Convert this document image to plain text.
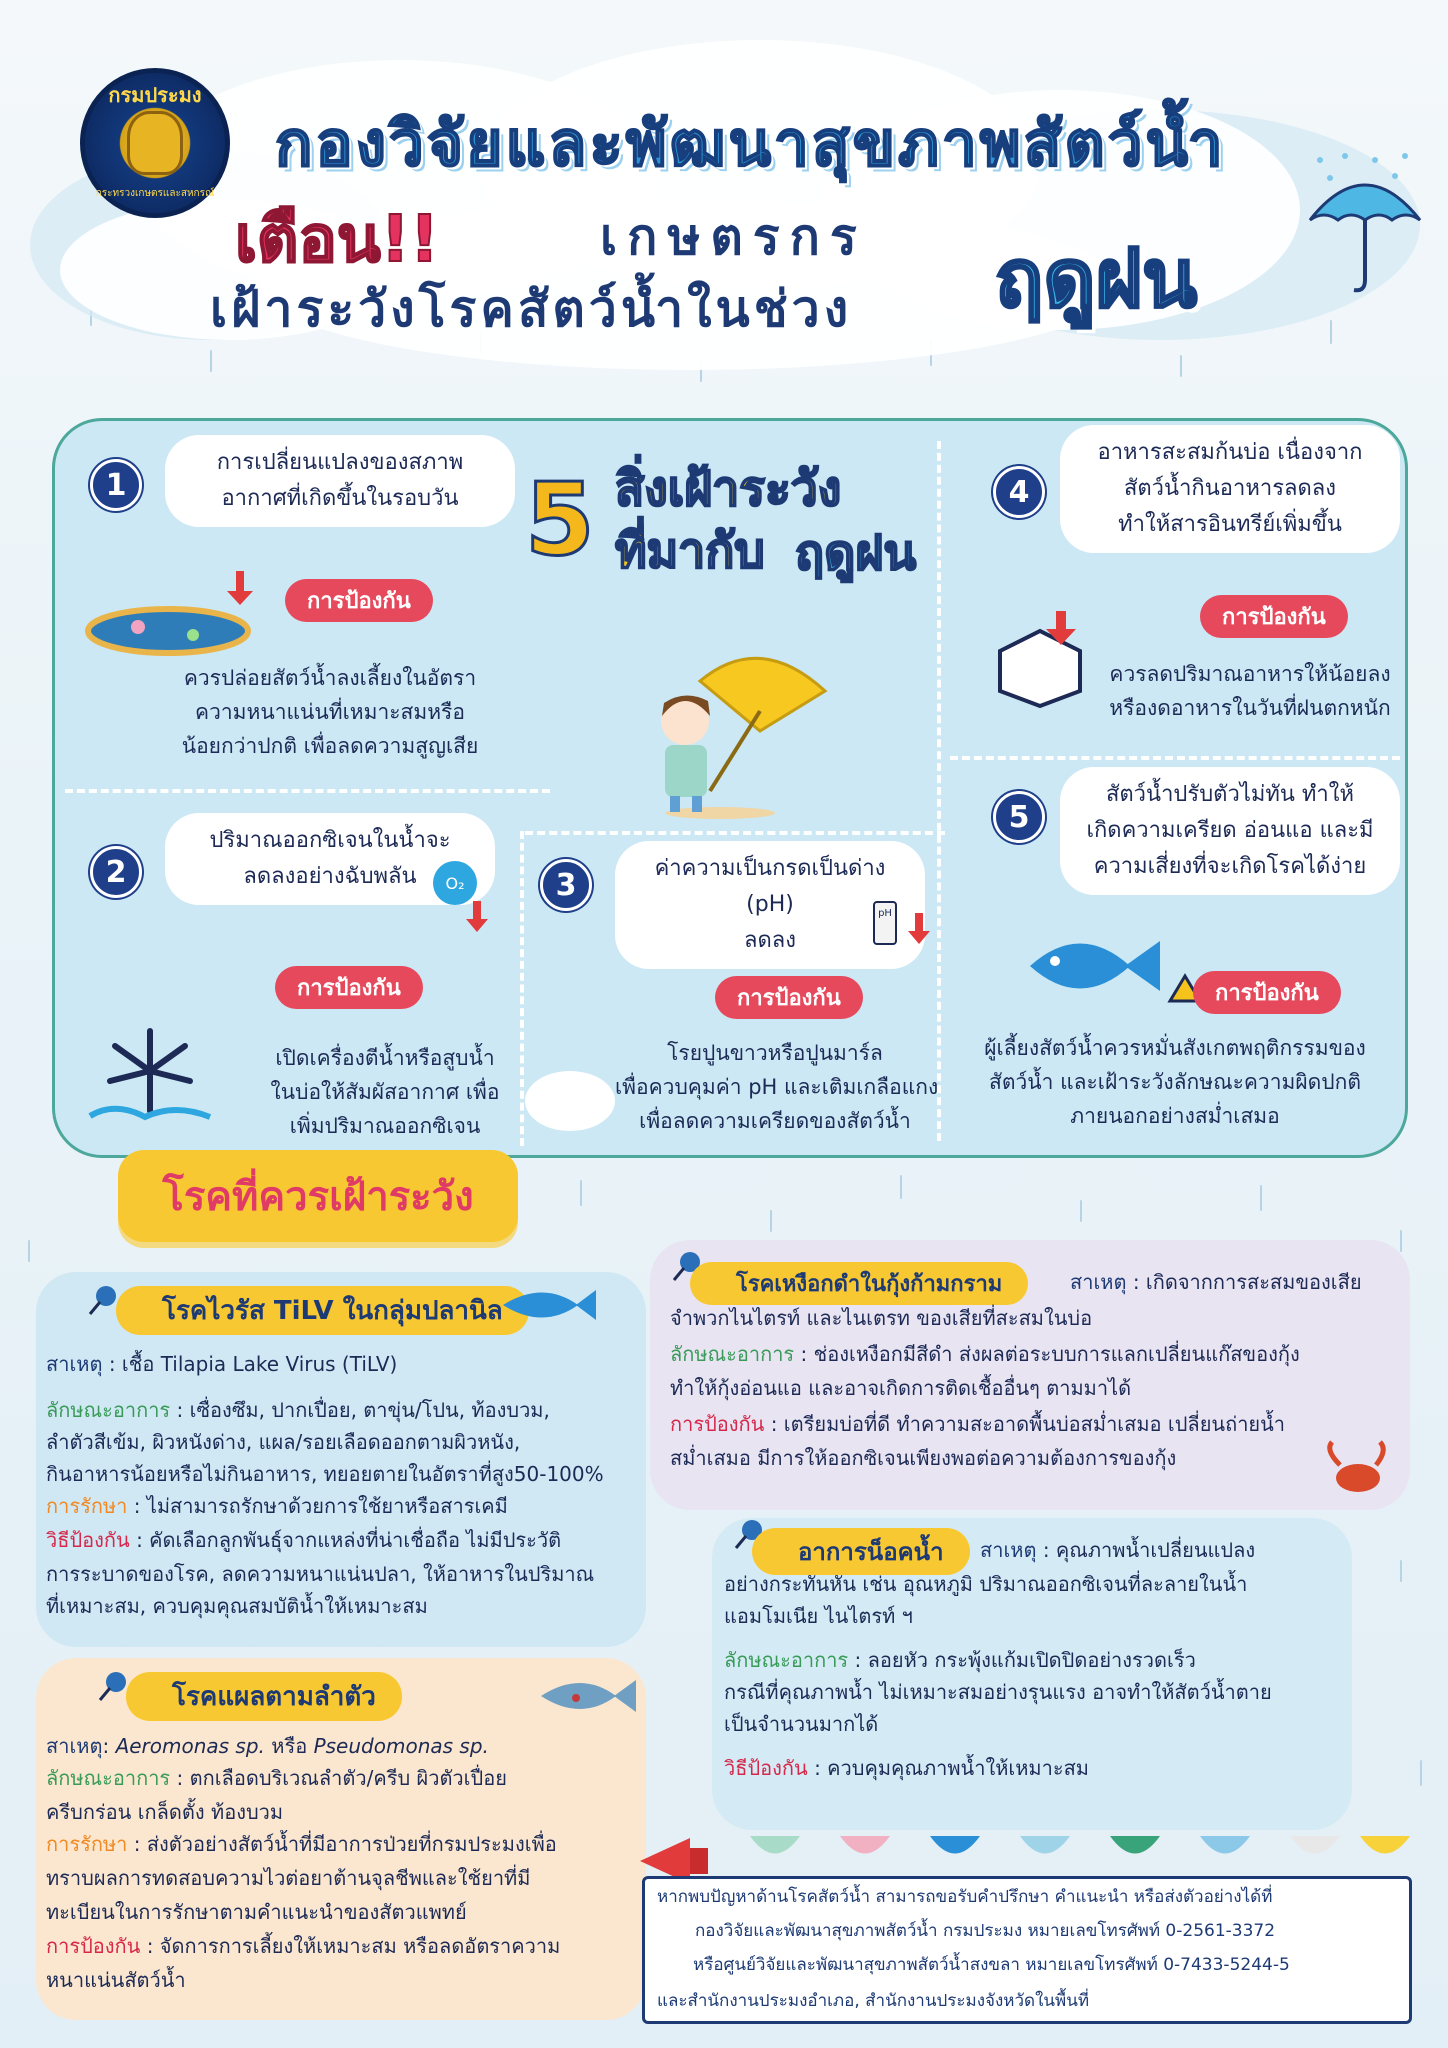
กรมประมง
กระทรวงเกษตรและสหกรณ์
กองวิจัยและพัฒนาสุขภาพสัตว์น้ำ
เตือน!!	เกษตรกร
เฝ้าระวังโรคสัตว์น้ำในช่วง ฤดูฝน
1
การเปลี่ยนแปลงของสภาพ
อากาศที่เกิดขึ้นในรอบวัน
การป้องกัน
ควรปล่อยสัตว์น้ำลงเลี้ยงในอัตรา
ความหนาแน่นที่เหมาะสมหรือ
น้อยกว่าปกติ เพื่อลดความสูญเสีย
2
ปริมาณออกซิเจนในน้ำจะ
ลดลงอย่างฉับพลัน	O₂
การป้องกัน
เปิดเครื่องตีน้ำหรือสูบน้ำ
ในบ่อให้สัมผัสอากาศ เพื่อ
เพิ่มปริมาณออกซิเจน
5 สิ่งเฝ้าระวัง
ที่มากับ ฤดูฝน
3	ค่าความเป็นกรดเป็นด่าง (pH)
ลดลง
pH
การป้องกัน
โรยปูนขาวหรือปูนมาร์ล
เพื่อควบคุมค่า pH และเติมเกลือแกง
เพื่อลดความเครียดของสัตว์น้ำ
4
อาหารสะสมก้นบ่อ เนื่องจาก
สัตว์น้ำกินอาหารลดลง
ทำให้สารอินทรีย์เพิ่มขึ้น
การป้องกัน
ควรลดปริมาณอาหารให้น้อยลง
หรืองดอาหารในวันที่ฝนตกหนัก
5
สัตว์น้ำปรับตัวไม่ทัน ทำให้
เกิดความเครียด อ่อนแอ และมี
ความเสี่ยงที่จะเกิดโรคได้ง่าย
การป้องกัน
ผู้เลี้ยงสัตว์น้ำควรหมั่นสังเกตพฤติกรรมของ
สัตว์น้ำ และเฝ้าระวังลักษณะความผิดปกติ
ภายนอกอย่างสม่ำเสมอ
โรคที่ควรเฝ้าระวัง
โรคไวรัส TiLV ในกลุ่มปลานิล
สาเหตุ : เชื้อ Tilapia Lake Virus (TiLV)
ลักษณะอาการ : เซื่องซึม, ปากเปื่อย, ตาขุ่น/โปน, ท้องบวม,
ลำตัวสีเข้ม, ผิวหนังด่าง, แผล/รอยเลือดออกตามผิวหนัง,
กินอาหารน้อยหรือไม่กินอาหาร, ทยอยตายในอัตราที่สูง50-100%
การรักษา : ไม่สามารถรักษาด้วยการใช้ยาหรือสารเคมี
วิธีป้องกัน : คัดเลือกลูกพันธุ์จากแหล่งที่น่าเชื่อถือ ไม่มีประวัติ
การระบาดของโรค, ลดความหนาแน่นปลา, ให้อาหารในปริมาณ
ที่เหมาะสม, ควบคุมคุณสมบัติน้ำให้เหมาะสม
โรคแผลตามลำตัว
สาเหตุ: Aeromonas sp. หรือ Pseudomonas sp.
ลักษณะอาการ : ตกเลือดบริเวณลำตัว/ครีบ ผิวตัวเปื่อย
ครีบกร่อน เกล็ดตั้ง ท้องบวม
การรักษา : ส่งตัวอย่างสัตว์น้ำที่มีอาการป่วยที่กรมประมงเพื่อ
ทราบผลการทดสอบความไวต่อยาต้านจุลชีพและใช้ยาที่มี
ทะเบียนในการรักษาตามคำแนะนำของสัตวแพทย์
การป้องกัน : จัดการการเลี้ยงให้เหมาะสม หรือลดอัตราความ
หนาแน่นสัตว์น้ำ
โรคเหงือกดำในกุ้งก้ามกราม	สาเหตุ : เกิดจากการสะสมของเสีย
จำพวกไนไตรท์ และไนเตรท ของเสียที่สะสมในบ่อ
ลักษณะอาการ : ช่องเหงือกมีสีดำ ส่งผลต่อระบบการแลกเปลี่ยนแก๊สของกุ้ง
ทำให้กุ้งอ่อนแอ และอาจเกิดการติดเชื้ออื่นๆ ตามมาได้
การป้องกัน : เตรียมบ่อที่ดี ทำความสะอาดพื้นบ่อสม่ำเสมอ เปลี่ยนถ่ายน้ำ
สม่ำเสมอ มีการให้ออกซิเจนเพียงพอต่อความต้องการของกุ้ง
อาการน็อคน้ำ	สาเหตุ : คุณภาพน้ำเปลี่ยนแปลง
อย่างกระทันหัน เช่น อุณหภูมิ ปริมาณออกซิเจนที่ละลายในน้ำ
แอมโมเนีย ไนไตรท์ ฯ
ลักษณะอาการ : ลอยหัว กระพุ้งแก้มเปิดปิดอย่างรวดเร็ว
กรณีที่คุณภาพน้ำ ไม่เหมาะสมอย่างรุนแรง อาจทำให้สัตว์น้ำตาย
เป็นจำนวนมากได้
วิธีป้องกัน : ควบคุมคุณภาพน้ำให้เหมาะสม
หากพบปัญหาด้านโรคสัตว์น้ำ สามารถขอรับคำปรึกษา คำแนะนำ หรือส่งตัวอย่างได้ที่
กองวิจัยและพัฒนาสุขภาพสัตว์น้ำ กรมประมง หมายเลขโทรศัพท์ 0-2561-3372
หรือศูนย์วิจัยและพัฒนาสุขภาพสัตว์น้ำสงขลา หมายเลขโทรศัพท์ 0-7433-5244-5
และสำนักงานประมงอำเภอ, สำนักงานประมงจังหวัดในพื้นที่
